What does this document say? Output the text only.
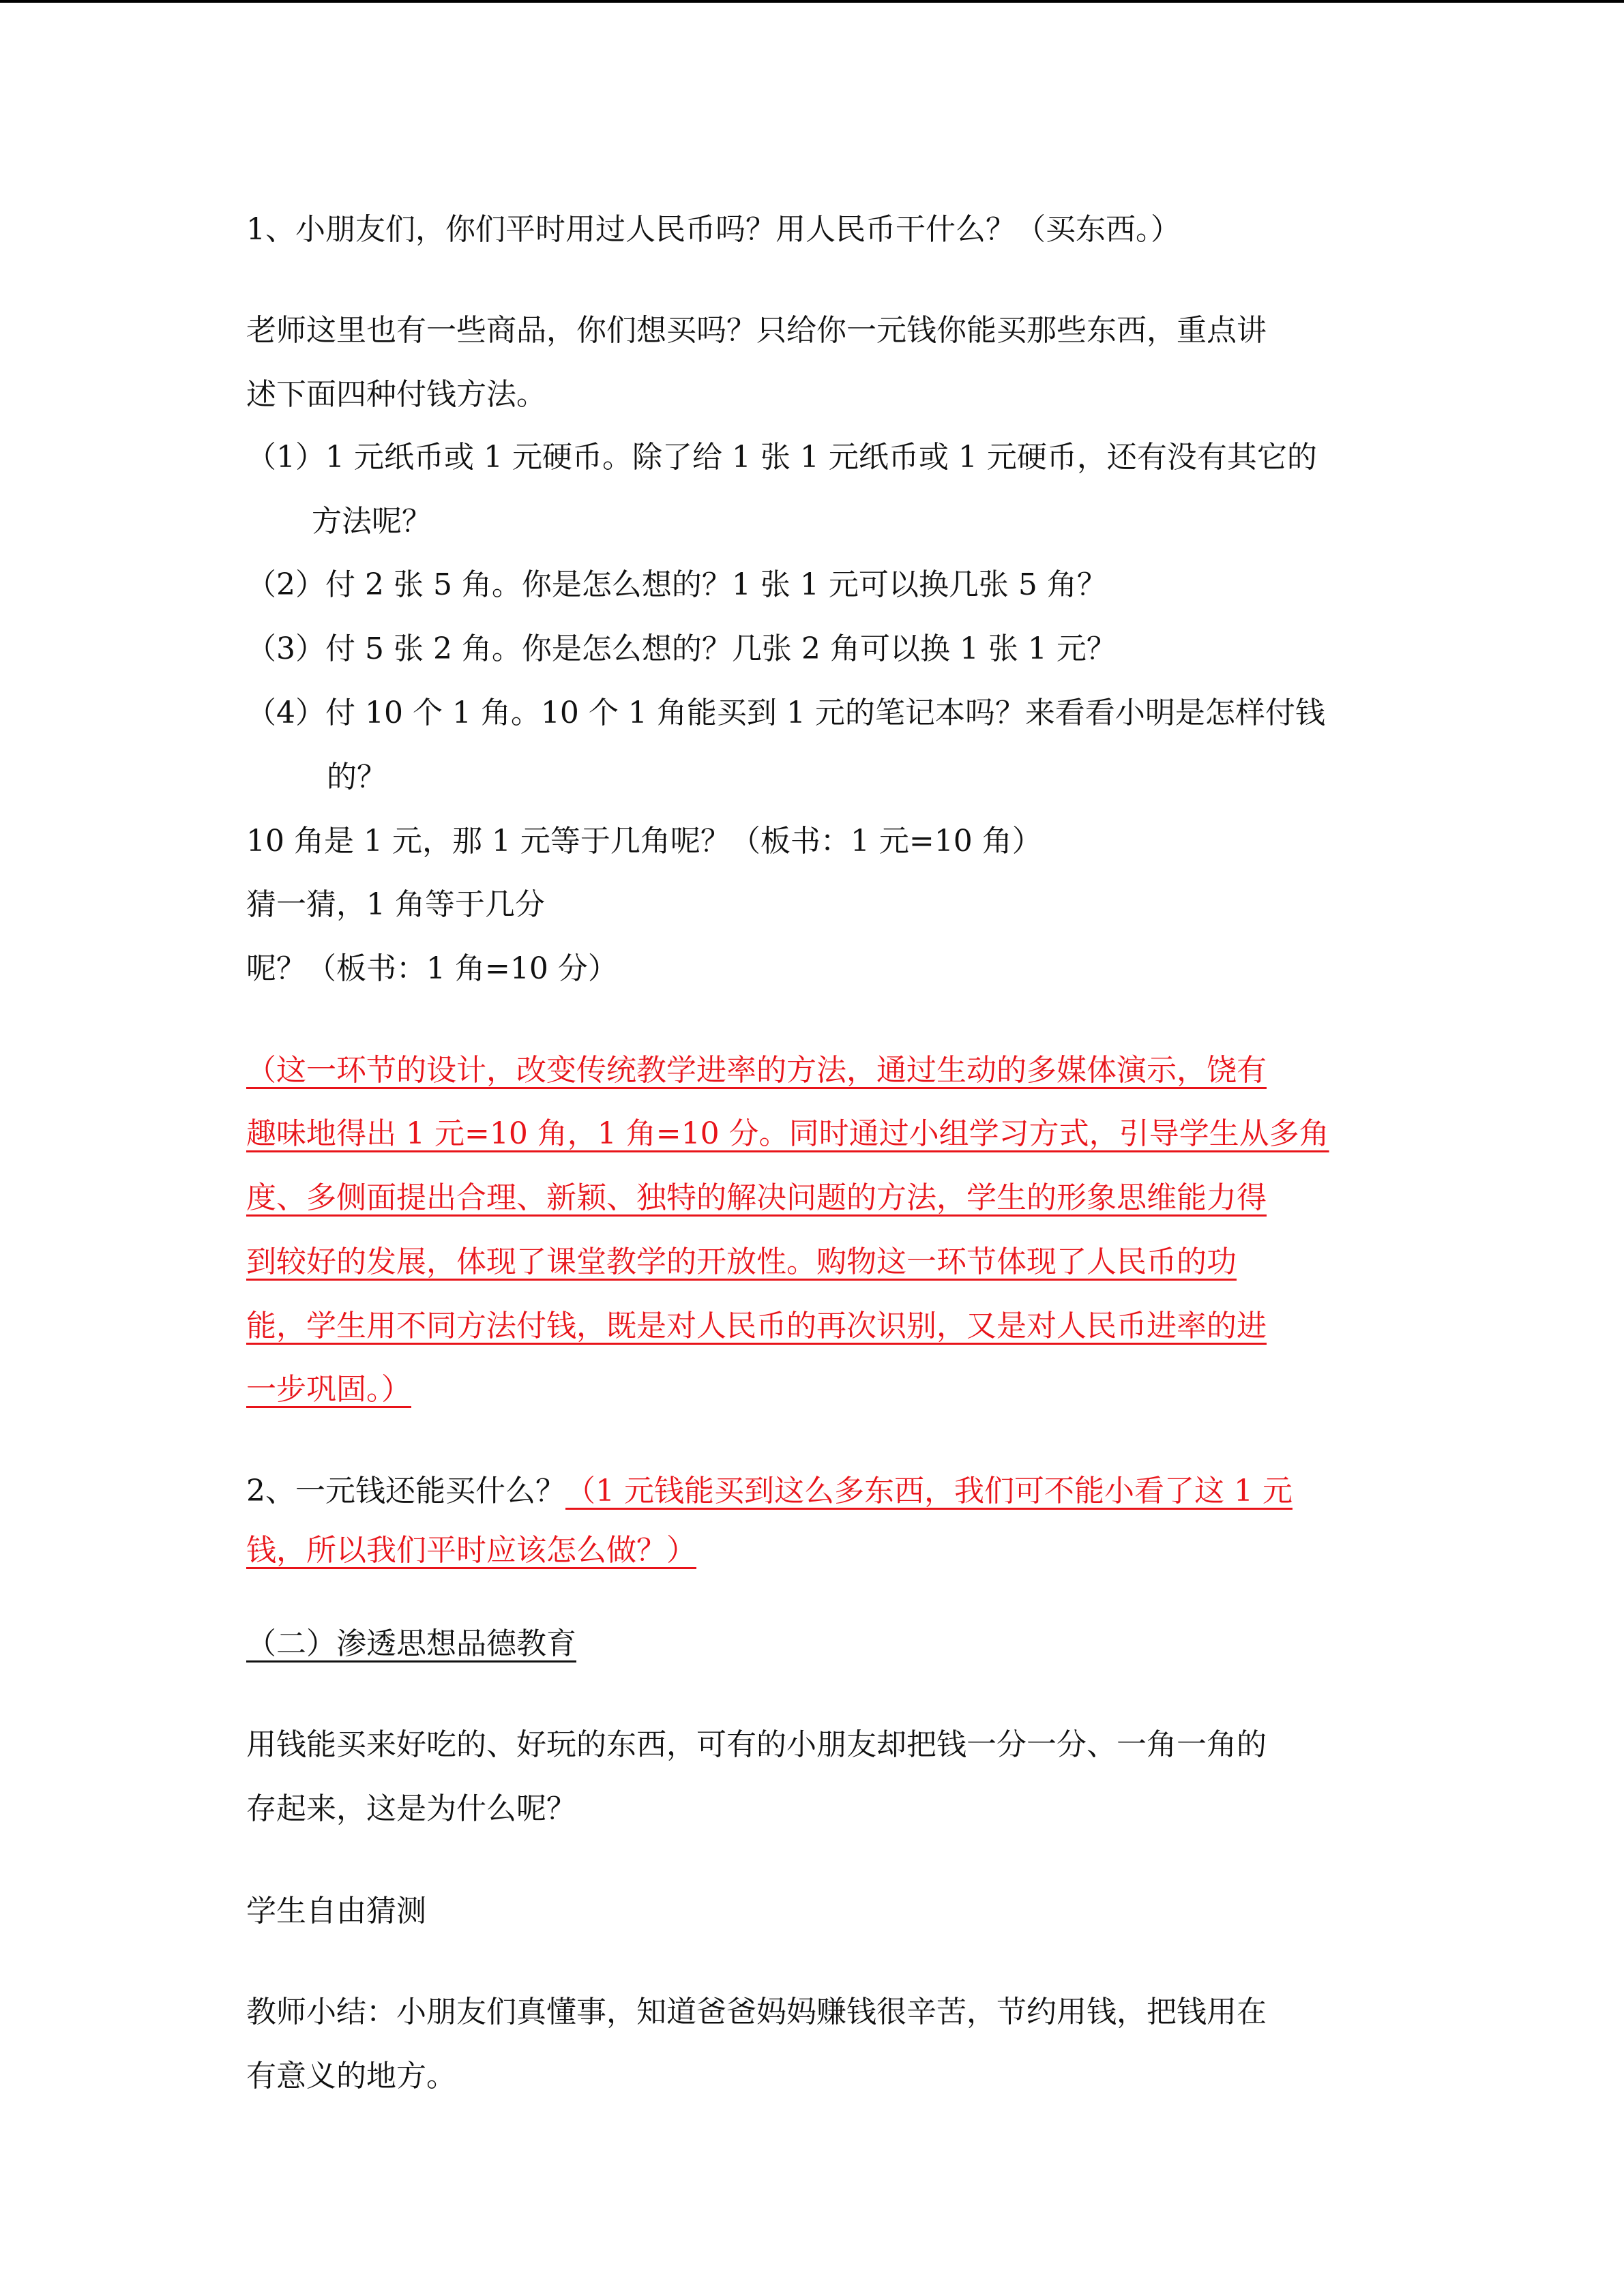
1、小朋友们，你们平时用过人民币吗？用人民币干什么？（买东西。）
老师这里也有一些商品，你们想买吗？只给你一元钱你能买那些东西，重点讲
述下面四种付钱方法。
（1）1 元纸币或 1 元硬币。除了给 1 张 1 元纸币或 1 元硬币，还有没有其它的
方法呢？
（2）付 2 张 5 角。你是怎么想的？1 张 1 元可以换几张 5 角？
（3）付 5 张 2 角。你是怎么想的？几张 2 角可以换 1 张 1 元？
（4）付 10 个 1 角。10 个 1 角能买到 1 元的笔记本吗？来看看小明是怎样付钱
的？
10 角是 1 元，那 1 元等于几角呢？（板书：1 元=10 角）
猜一猜，1 角等于几分
呢？（板书：1 角=10 分）
（这一环节的设计，改变传统教学进率的方法，通过生动的多媒体演示，饶有
趣味地得出 1 元=10 角，1 角=10 分。同时通过小组学习方式，引导学生从多角
度、多侧面提出合理、新颖、独特的解决问题的方法，学生的形象思维能力得
到较好的发展，体现了课堂教学的开放性。购物这一环节体现了人民币的功
能，学生用不同方法付钱，既是对人民币的再次识别，又是对人民币进率的进
一步巩固。）
2、一元钱还能买什么？（1 元钱能买到这么多东西，我们可不能小看了这 1 元
钱，所以我们平时应该怎么做？）
（二）渗透思想品德教育
用钱能买来好吃的、好玩的东西，可有的小朋友却把钱一分一分、一角一角的
存起来，这是为什么呢？
学生自由猜测
教师小结：小朋友们真懂事，知道爸爸妈妈赚钱很辛苦，节约用钱，把钱用在
有意义的地方。
